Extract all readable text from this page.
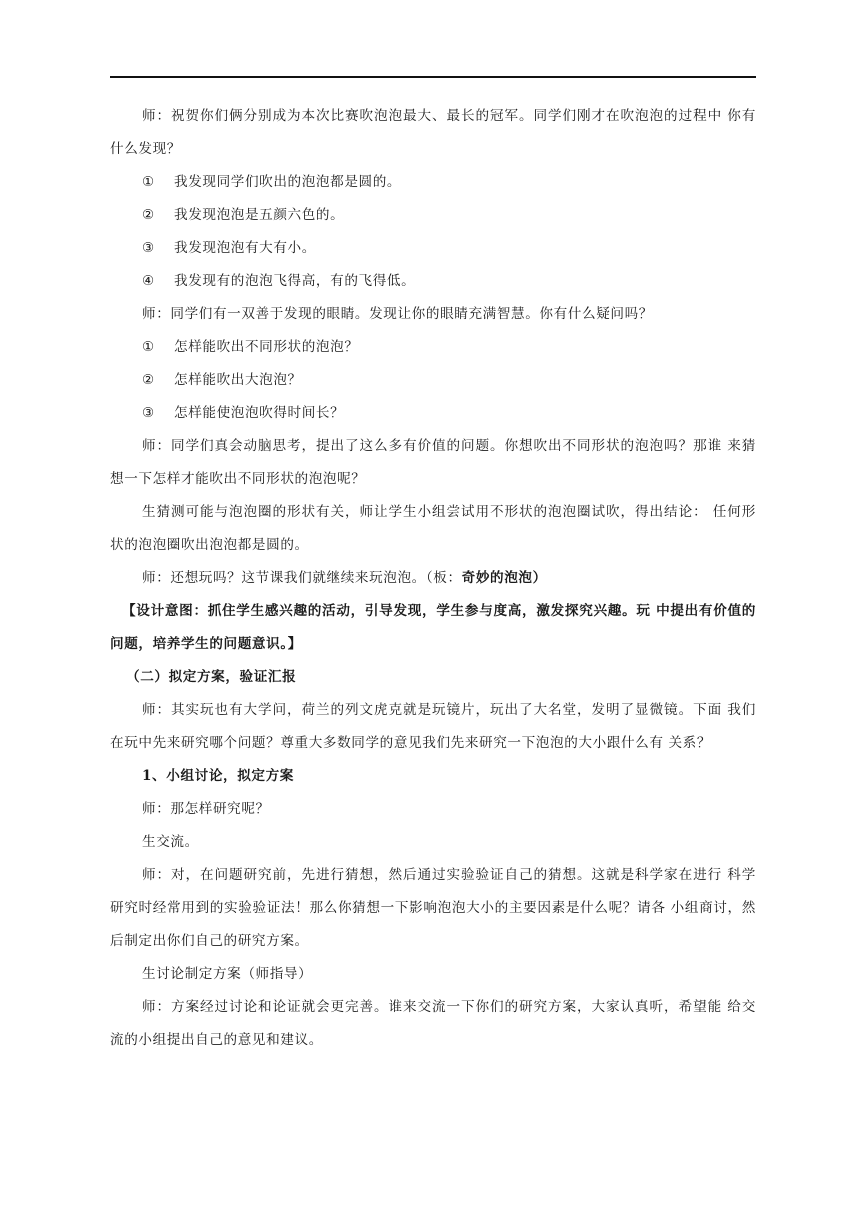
师：祝贺你们俩分别成为本次比赛吹泡泡最大、最长的冠军。同学们刚才在吹泡泡的过程中 你有什么发现？

① 我发现同学们吹出的泡泡都是圆的。

② 我发现泡泡是五颜六色的。

③ 我发现泡泡有大有小。

④ 我发现有的泡泡飞得高，有的飞得低。

师：同学们有一双善于发现的眼睛。发现让你的眼睛充满智慧。你有什么疑问吗？

① 怎样能吹出不同形状的泡泡？

② 怎样能吹出大泡泡？

③ 怎样能使泡泡吹得时间长？

师：同学们真会动脑思考，提出了这么多有价值的问题。你想吹出不同形状的泡泡吗？那谁 来猜想一下怎样才能吹出不同形状的泡泡呢？

生猜测可能与泡泡圈的形状有关，师让学生小组尝试用不形状的泡泡圈试吹，得出结论： 任何形状的泡泡圈吹出泡泡都是圆的。

师：还想玩吗？这节课我们就继续来玩泡泡。（板：奇妙的泡泡）

【设计意图：抓住学生感兴趣的活动，引导发现，学生参与度高，激发探究兴趣。玩 中提出有价值的问题，培养学生的问题意识。】

（二）拟定方案，验证汇报

师：其实玩也有大学问，荷兰的列文虎克就是玩镜片，玩出了大名堂，发明了显微镜。下面 我们在玩中先来研究哪个问题？尊重大多数同学的意见我们先来研究一下泡泡的大小跟什么有 关系？

1、小组讨论，拟定方案

师：那怎样研究呢？

生交流。

师：对，在问题研究前，先进行猜想，然后通过实验验证自己的猜想。这就是科学家在进行 科学研究时经常用到的实验验证法！那么你猜想一下影响泡泡大小的主要因素是什么呢？请各 小组商讨，然后制定出你们自己的研究方案。

生讨论制定方案（师指导）

师：方案经过讨论和论证就会更完善。谁来交流一下你们的研究方案，大家认真听，希望能 给交流的小组提出自己的意见和建议。
